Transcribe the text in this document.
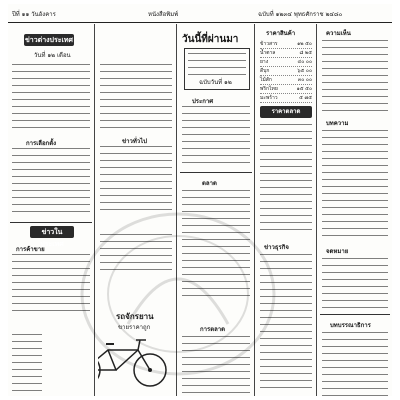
ปีที่ ๑๑ วันอังคาร	หนังสือพิมพ์	ฉบับที่ ๑๒๓๔ พุทธศักราช ๒๔๘๐
ข่าวต่างประเทศ
วันที่ ๑๒ เดือน
การเลือกตั้ง
ข่าวในประเทศ
การค้าขาย
ข่าวทั่วไป
รถจักรยาน
ขายราคาถูก
วันนี้ที่ผ่านมา
ฉบับวันที่ ๑๒
ประกาศ
ตลาด
การตลาด
ราคาสินค้า
ข้าวสาร	๑๒ ๕๐
น้ำตาล	๘ ๒๕
ยาง	๔๐ ๐๐
ดีบุก	๖๕ ๐๐
ไม้สัก	๓๐ ๐๐
พริกไทย	๑๕ ๕๐
มะพร้าว	๕ ๗๕
ราคาตลาด
ข่าวธุรกิจ
ความเห็น
บทความ
จดหมาย
บทบรรณาธิการ
